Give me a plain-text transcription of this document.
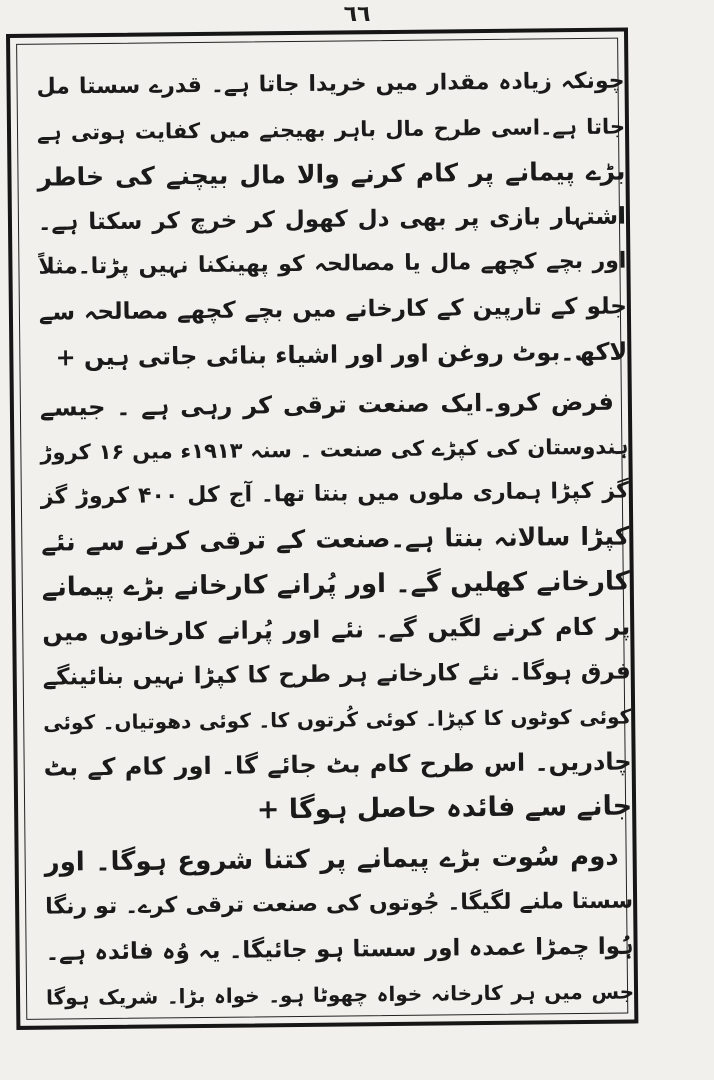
٦٦
چونکہ زیادہ مقدار میں خریدا جاتا ہے۔ قدرے سستا مل
جاتا ہے۔اسی طرح مال باہر بھیجنے میں کفایت ہوتی ہے
بڑے پیمانے پر کام کرنے والا مال بیچنے کی خاطر
اشتہار بازی پر بھی دل کھول کر خرچ کر سکتا ہے۔
اور بچے کچھے مال یا مصالحہ کو پھینکنا نہیں پڑتا۔مثلاً
جلو کے تارپین کے کارخانے میں بچے کچھے مصالحہ سے
لاکھ۔بوٹ روغن اور اور اشیاء بنائی جاتی ہیں +
فرض کرو۔ایک صنعت ترقی کر رہی ہے ۔ جیسے
ہندوستان کی کپڑے کی صنعت ۔ سنہ ۱۹۱۳ء میں ۱۶ کروڑ
گز کپڑا ہماری ملوں میں بنتا تھا۔ آج کل ۴۰۰ کروڑ گز
کپڑا سالانہ بنتا ہے۔صنعت کے ترقی کرنے سے نئے
کارخانے کھلیں گے۔ اور پُرانے کارخانے بڑے پیمانے
پر کام کرنے لگیں گے۔ نئے اور پُرانے کارخانوں میں
فرق ہوگا۔ نئے کارخانے ہر طرح کا کپڑا نہیں بنائینگے
کوئی کوٹوں کا کپڑا۔ کوئی کُرتوں کا۔ کوئی دھوتیاں۔ کوئی
چادریں۔ اس طرح کام بٹ جائے گا۔ اور کام کے بٹ
جانے سے فائدہ حاصل ہوگا +
دوم سُوت بڑے پیمانے پر کتنا شروع ہوگا۔ اور
سستا ملنے لگیگا۔ جُوتوں کی صنعت ترقی کرے۔ تو رنگا
ہُوا چمڑا عمدہ اور سستا ہو جائیگا۔ یہ وُہ فائدہ ہے۔
جس میں ہر کارخانہ خواہ چھوٹا ہو۔ خواہ بڑا۔ شریک ہوگا
